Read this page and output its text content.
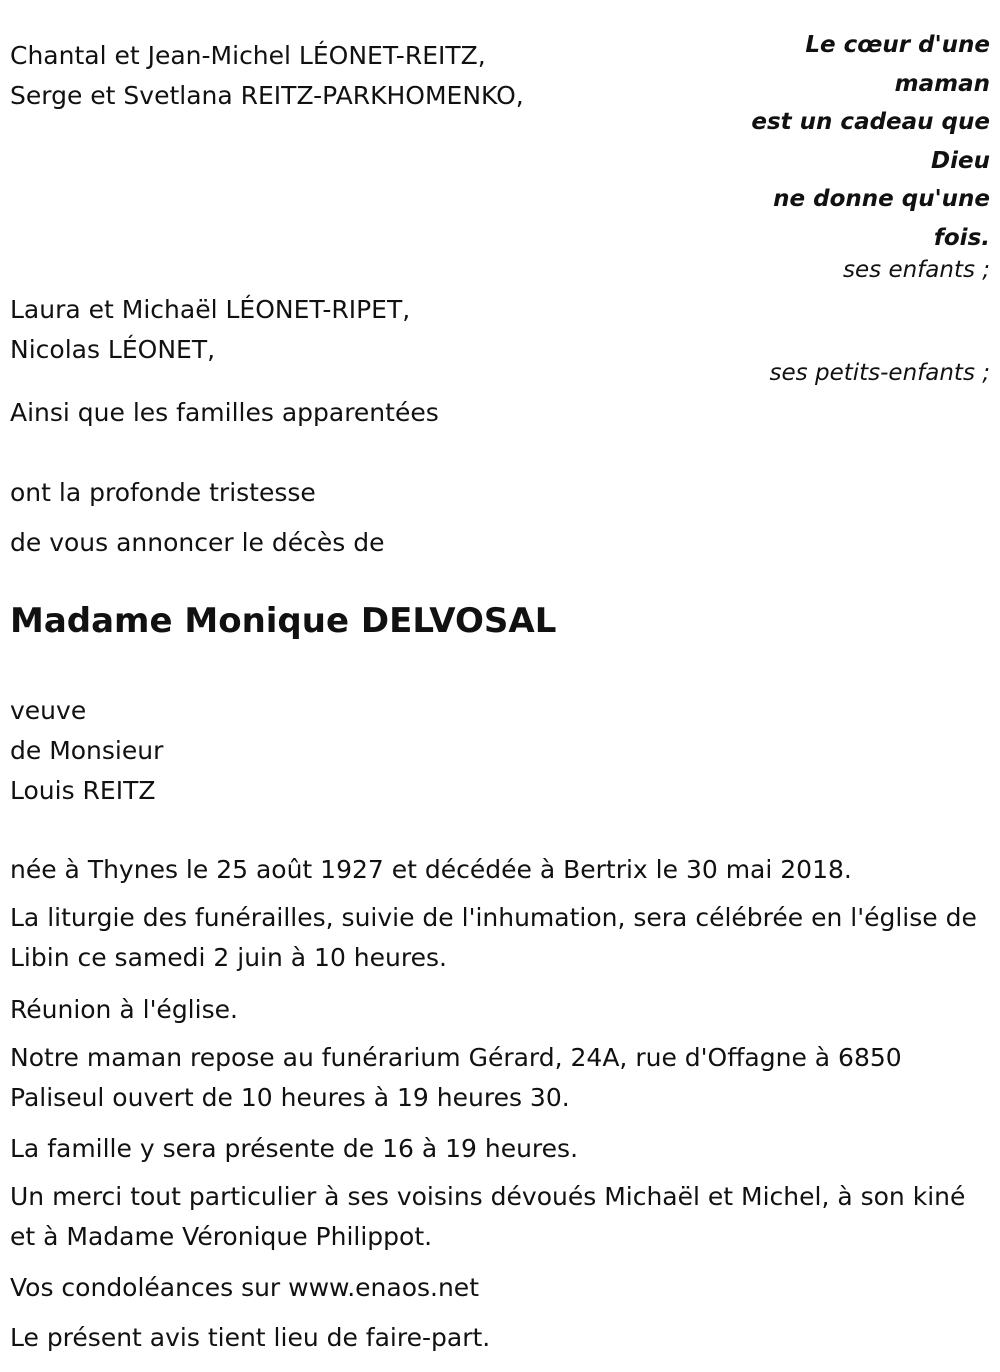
Chantal et Jean-Michel LÉONET-REITZ,
Serge et Svetlana REITZ-PARKHOMENKO,
Le cœur d'une
maman
est un cadeau que
Dieu
ne donne qu'une
fois.
ses enfants ;
Laura et Michaël LÉONET-RIPET,
Nicolas LÉONET,
ses petits-enfants ;
Ainsi que les familles apparentées
ont la profonde tristesse
de vous annoncer le décès de
Madame Monique DELVOSAL
veuve
de Monsieur
Louis REITZ
née à Thynes le 25 août 1927 et décédée à Bertrix le 30 mai 2018.
La liturgie des funérailles, suivie de l'inhumation, sera célébrée en l'église de Libin ce samedi 2 juin à 10 heures.
Réunion à l'église.
Notre maman repose au funérarium Gérard, 24A, rue d'Offagne à 6850 Paliseul ouvert de 10 heures à 19 heures 30.
La famille y sera présente de 16 à 19 heures.
Un merci tout particulier à ses voisins dévoués Michaël et Michel, à son kiné et à Madame Véronique Philippot.
Vos condoléances sur www.enaos.net
Le présent avis tient lieu de faire-part.
